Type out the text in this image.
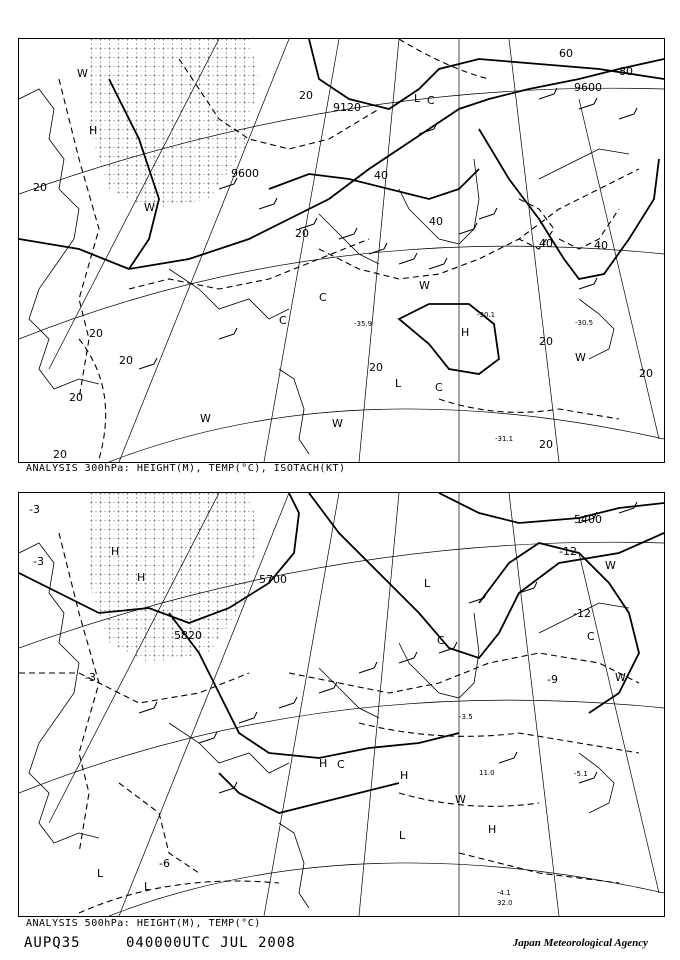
9600
9120
9600
20
20
20
20
20
20
20
20
20
20
40
40
40	40
60
80
20
H
L C
C
H
W
W
W	W
W
L	C
W
C	-30.1
-31.1
-30.5
-35.9
ANALYSIS 300hPa: HEIGHT(M), TEMP(°C), ISOTACH(KT)
5700
5820
5400
-3
-3
-3
-12
-9
-12
-6
H
H
L
C	C
W
H
H
C
H
L
L
L
W
W
-4.1
32.0
11.0
-3.5
-5.1
ANALYSIS 500hPa: HEIGHT(M), TEMP(°C)
AUPQ35	040000UTC JUL 2008	Japan Meteorological Agency
